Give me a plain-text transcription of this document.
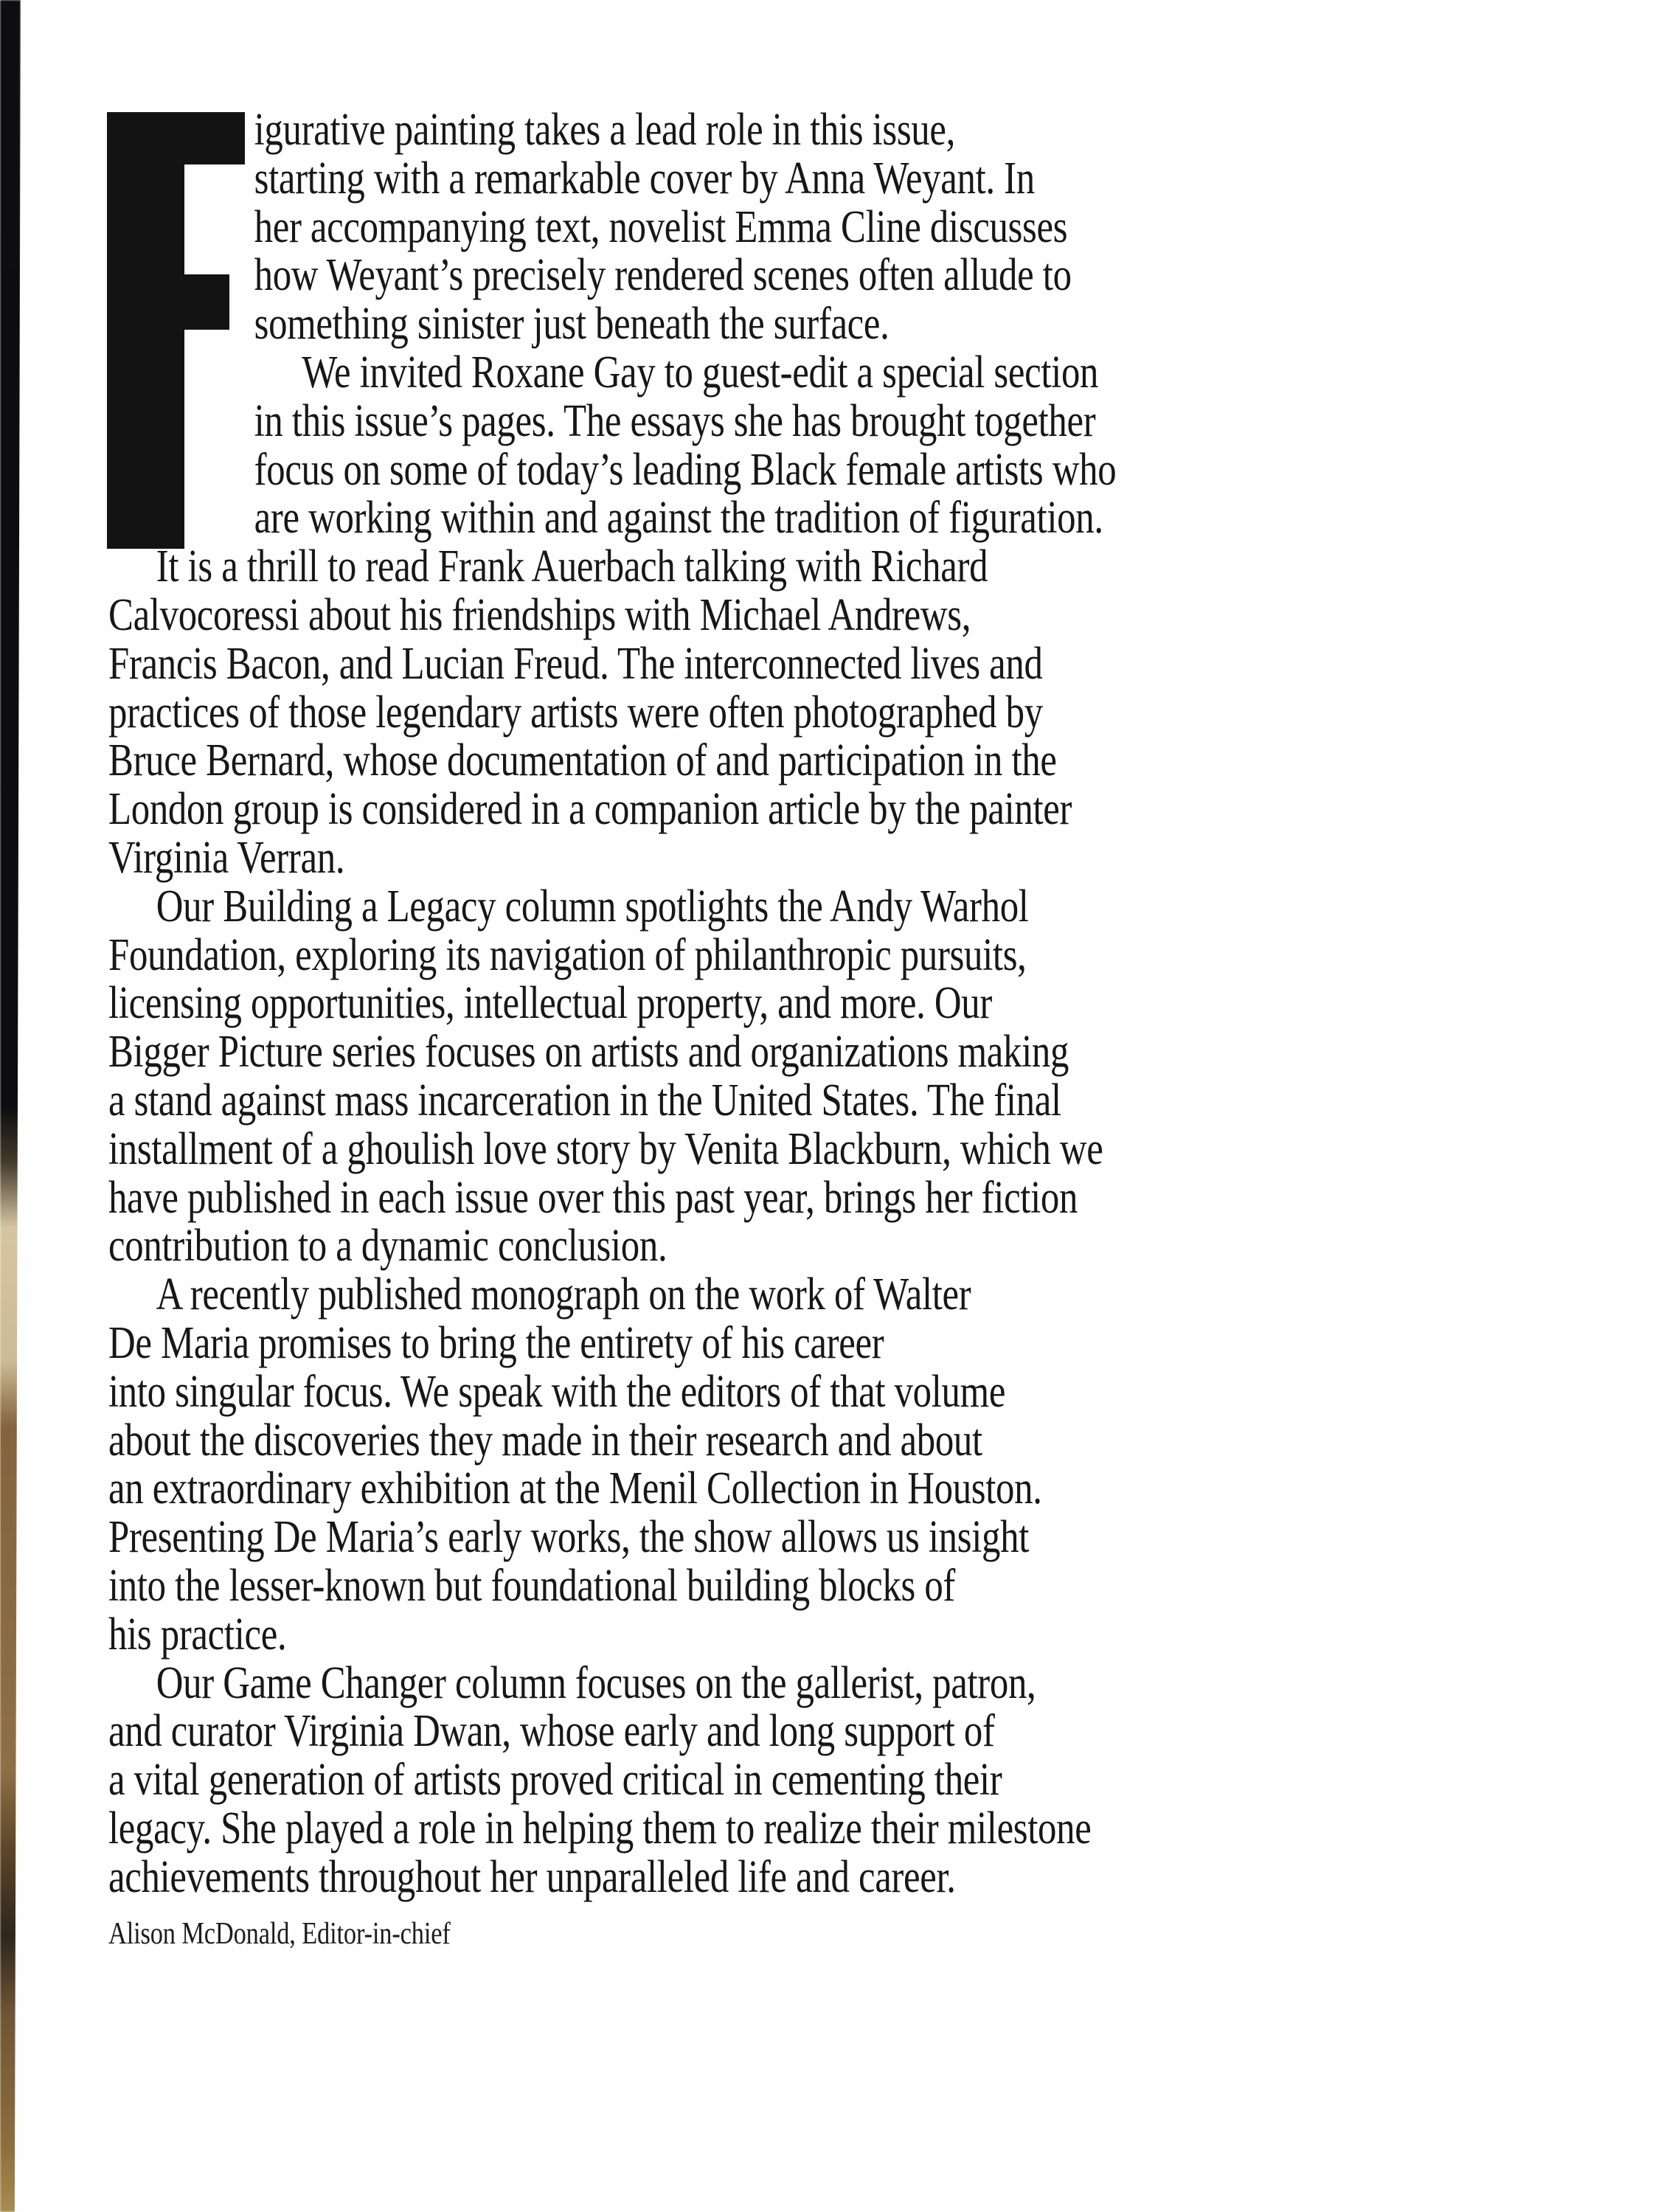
igurative painting takes a lead role in this issue,
starting with a remarkable cover by Anna Weyant. In
her accompanying text, novelist Emma Cline discusses
how Weyant’s precisely rendered scenes often allude to
something sinister just beneath the surface.
We invited Roxane Gay to guest-edit a special section
in this issue’s pages. The essays she has brought together
focus on some of today’s leading Black female artists who
are working within and against the tradition of figuration.
It is a thrill to read Frank Auerbach talking with Richard
Calvocoressi about his friendships with Michael Andrews,
Francis Bacon, and Lucian Freud. The interconnected lives and
practices of those legendary artists were often photographed by
Bruce Bernard, whose documentation of and participation in the
London group is considered in a companion article by the painter
Virginia Verran.
Our Building a Legacy column spotlights the Andy Warhol
Foundation, exploring its navigation of philanthropic pursuits,
licensing opportunities, intellectual property, and more. Our
Bigger Picture series focuses on artists and organizations making
a stand against mass incarceration in the United States. The final
installment of a ghoulish love story by Venita Blackburn, which we
have published in each issue over this past year, brings her fiction
contribution to a dynamic conclusion.
A recently published monograph on the work of Walter
De Maria promises to bring the entirety of his career
into singular focus. We speak with the editors of that volume
about the discoveries they made in their research and about
an extraordinary exhibition at the Menil Collection in Houston.
Presenting De Maria’s early works, the show allows us insight
into the lesser-known but foundational building blocks of
his practice.
Our Game Changer column focuses on the gallerist, patron,
and curator Virginia Dwan, whose early and long support of
a vital generation of artists proved critical in cementing their
legacy. She played a role in helping them to realize their milestone
achievements throughout her unparalleled life and career.
Alison McDonald, Editor-in-chief
